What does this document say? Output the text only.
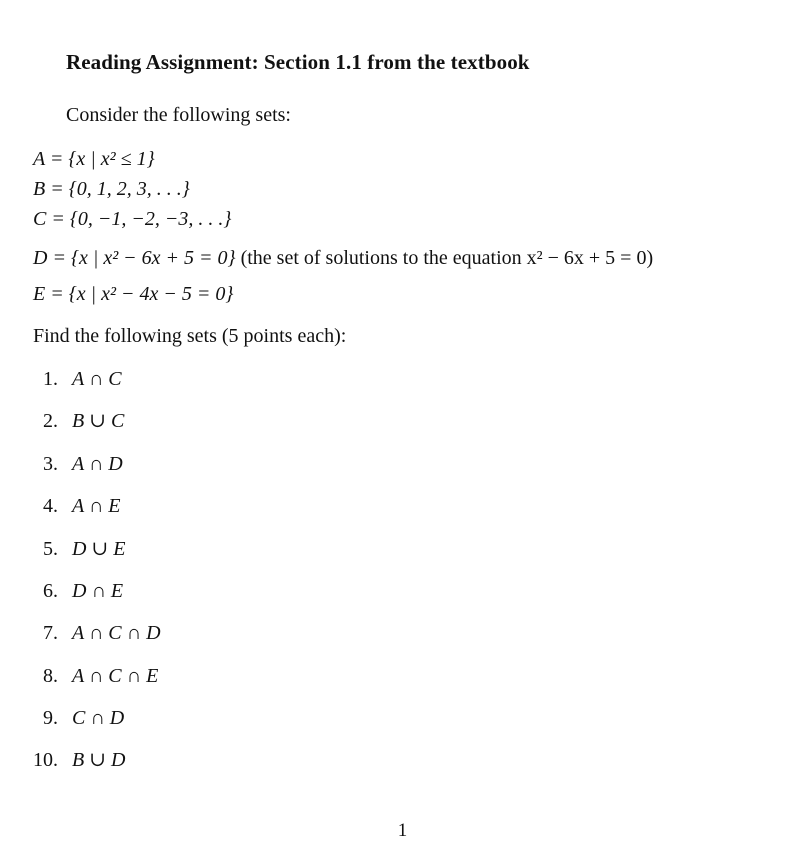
Reading Assignment: Section 1.1 from the textbook
Consider the following sets:
A = {x | x² ≤ 1}
B = {0, 1, 2, 3, . . .}
C = {0, −1, −2, −3, . . .}
D = {x | x² − 6x + 5 = 0} (the set of solutions to the equation x² − 6x + 5 = 0)
E = {x | x² − 4x − 5 = 0}
Find the following sets (5 points each):
1. A ∩ C
2. B ∪ C
3. A ∩ D
4. A ∩ E
5. D ∪ E
6. D ∩ E
7. A ∩ C ∩ D
8. A ∩ C ∩ E
9. C ∩ D
10. B ∪ D
1
